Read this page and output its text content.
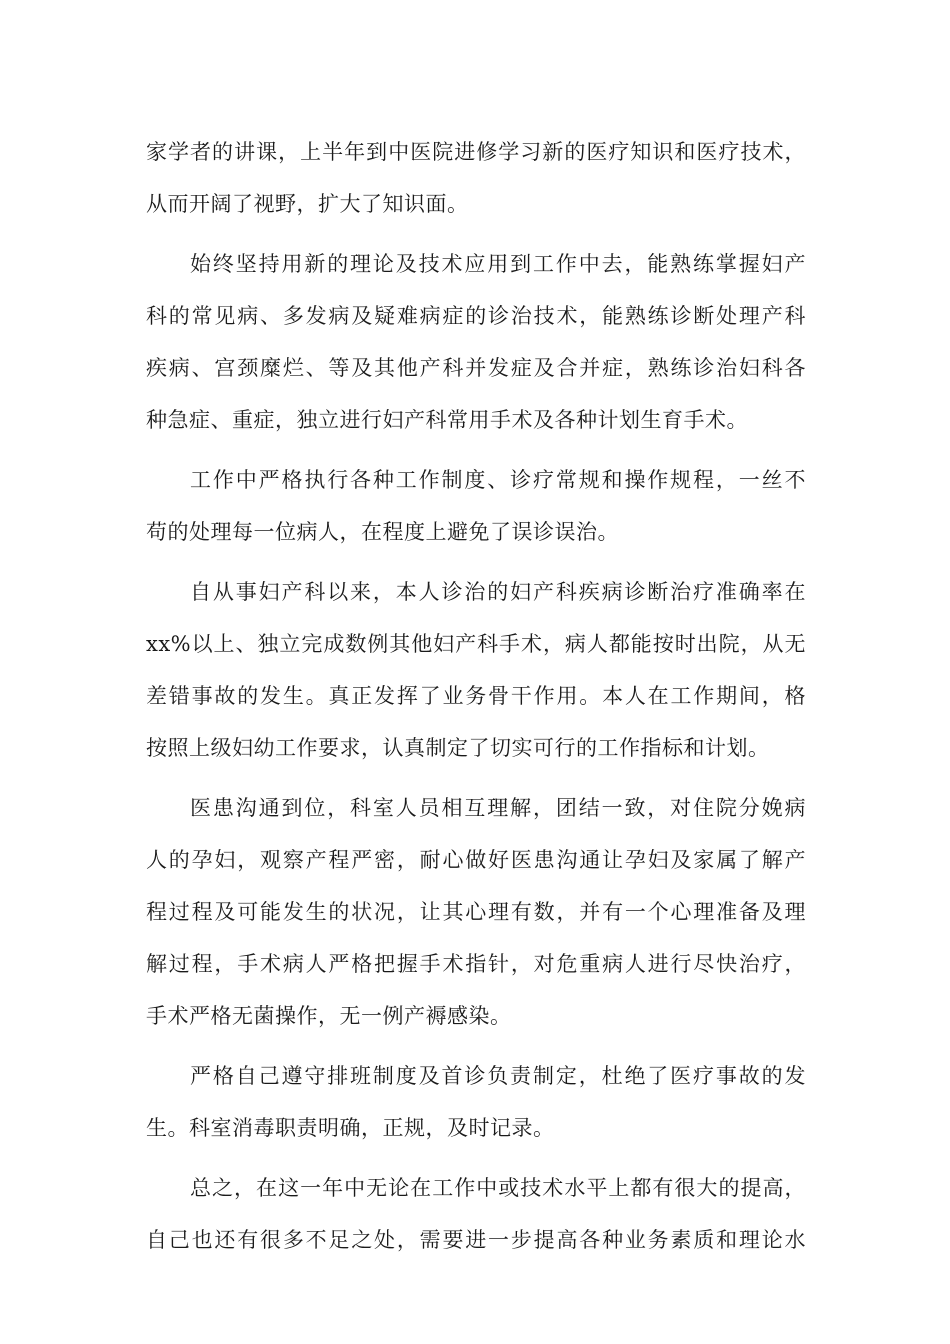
家学者的讲课，上半年到中医院进修学习新的医疗知识和医疗技术，
从而开阔了视野，扩大了知识面。
始终坚持用新的理论及技术应用到工作中去，能熟练掌握妇产
科的常见病、多发病及疑难病症的诊治技术，能熟练诊断处理产科
疾病、宫颈糜烂、等及其他产科并发症及合并症，熟练诊治妇科各
种急症、重症，独立进行妇产科常用手术及各种计划生育手术。
工作中严格执行各种工作制度、诊疗常规和操作规程，一丝不
苟的处理每一位病人，在程度上避免了误诊误治。
自从事妇产科以来，本人诊治的妇产科疾病诊断治疗准确率在
xx%以上、独立完成数例其他妇产科手术，病人都能按时出院，从无
差错事故的发生。真正发挥了业务骨干作用。本人在工作期间，格
按照上级妇幼工作要求，认真制定了切实可行的工作指标和计划。
医患沟通到位，科室人员相互理解，团结一致，对住院分娩病
人的孕妇，观察产程严密，耐心做好医患沟通让孕妇及家属了解产
程过程及可能发生的状况，让其心理有数，并有一个心理准备及理
解过程，手术病人严格把握手术指针，对危重病人进行尽快治疗，
手术严格无菌操作，无一例产褥感染。
严格自己遵守排班制度及首诊负责制定，杜绝了医疗事故的发
生。科室消毒职责明确，正规，及时记录。
总之，在这一年中无论在工作中或技术水平上都有很大的提高，
自己也还有很多不足之处，需要进一步提高各种业务素质和理论水
